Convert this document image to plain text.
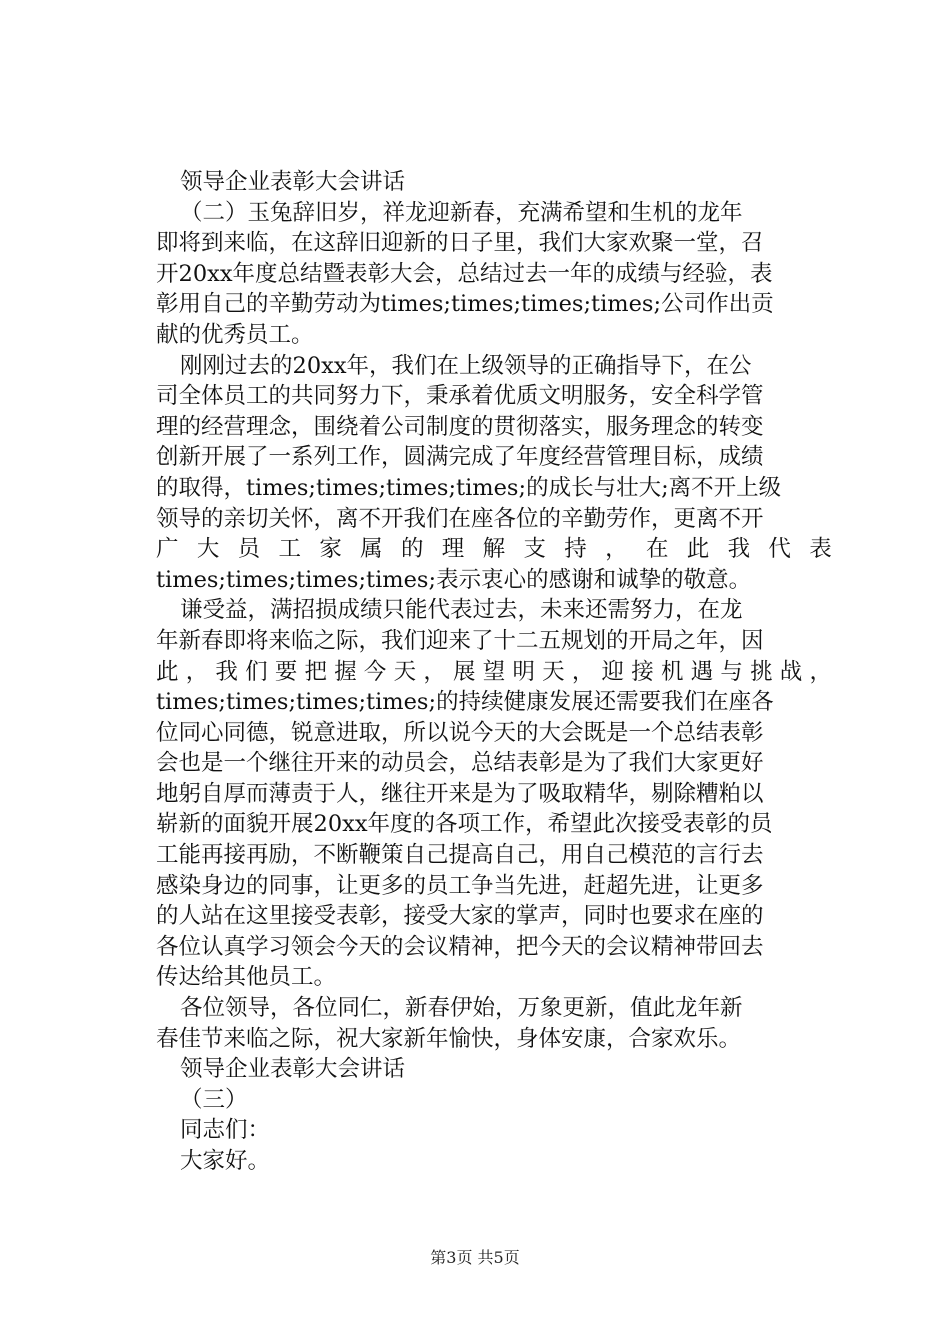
领导企业表彰大会讲话
（二）玉兔辞旧岁，祥龙迎新春，充满希望和生机的龙年
即将到来临，在这辞旧迎新的日子里，我们大家欢聚一堂，召
开20xx年度总结暨表彰大会，总结过去一年的成绩与经验，表
彰用自己的辛勤劳动为times;times;times;times;公司作出贡
献的优秀员工。
刚刚过去的20xx年，我们在上级领导的正确指导下，在公
司全体员工的共同努力下，秉承着优质文明服务，安全科学管
理的经营理念，围绕着公司制度的贯彻落实，服务理念的转变
创新开展了一系列工作，圆满完成了年度经营管理目标，成绩
的取得，times;times;times;times;的成长与壮大;离不开上级
领导的亲切关怀，离不开我们在座各位的辛勤劳作，更离不开
广 大 员 工 家 属 的 理 解 支 持 ， 在 此 我 代 表
times;times;times;times;表示衷心的感谢和诚挚的敬意。
谦受益，满招损成绩只能代表过去，未来还需努力，在龙
年新春即将来临之际，我们迎来了十二五规划的开局之年，因
此 ， 我 们 要 把 握 今 天 ， 展 望 明 天 ， 迎 接 机 遇 与 挑 战 ，
times;times;times;times;的持续健康发展还需要我们在座各
位同心同德，锐意进取，所以说今天的大会既是一个总结表彰
会也是一个继往开来的动员会，总结表彰是为了我们大家更好
地躬自厚而薄责于人，继往开来是为了吸取精华，剔除糟粕以
崭新的面貌开展20xx年度的各项工作，希望此次接受表彰的员
工能再接再励，不断鞭策自己提高自己，用自己模范的言行去
感染身边的同事，让更多的员工争当先进，赶超先进，让更多
的人站在这里接受表彰，接受大家的掌声，同时也要求在座的
各位认真学习领会今天的会议精神，把今天的会议精神带回去
传达给其他员工。
各位领导，各位同仁，新春伊始，万象更新，值此龙年新
春佳节来临之际，祝大家新年愉快，身体安康，合家欢乐。
领导企业表彰大会讲话
（三）
同志们：
大家好。
第3页 共5页
